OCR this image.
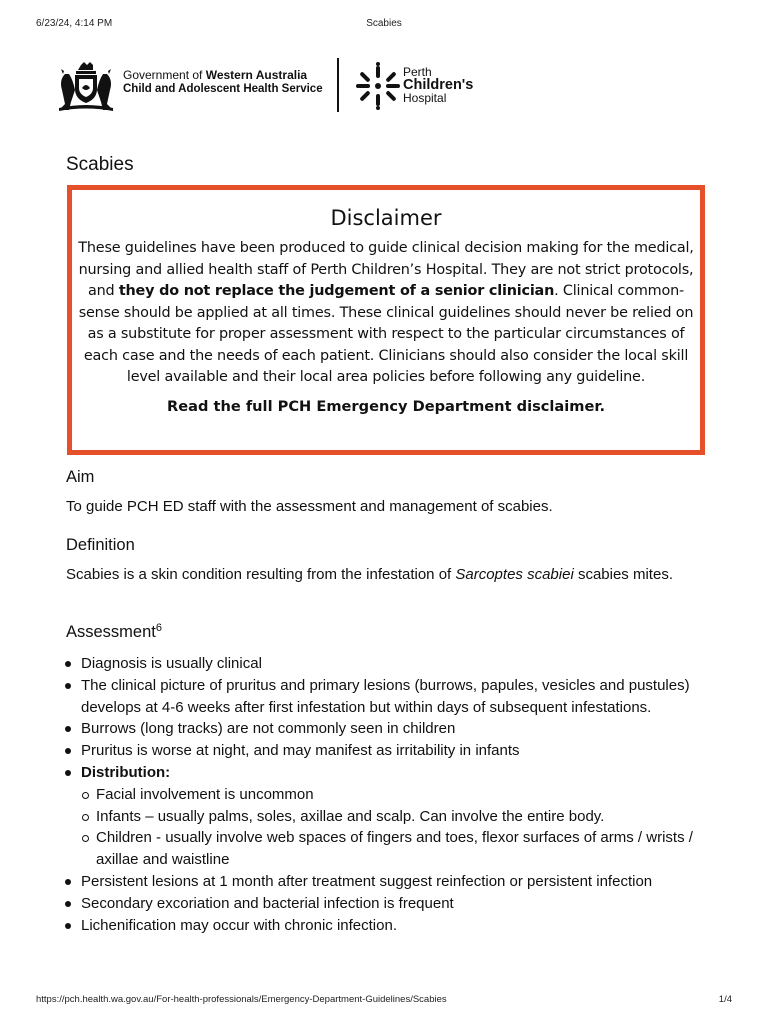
6/23/24, 4:14 PM	Scabies
Government of Western Australia
Child and Adolescent Health Service
Perth
Children's
Hospital
Scabies
Disclaimer
These guidelines have been produced to guide clinical decision making for the medical, nursing and allied health staff of Perth Children’s Hospital. They are not strict protocols, and they do not replace the judgement of a senior clinician. Clinical common-sense should be applied at all times. These clinical guidelines should never be relied on as a substitute for proper assessment with respect to the particular circumstances of each case and the needs of each patient. Clinicians should also consider the local skill level available and their local area policies before following any guideline.
Read the full PCH Emergency Department disclaimer.
Aim

To guide PCH ED staff with the assessment and management of scabies.

Definition

Scabies is a skin condition resulting from the infestation of Sarcoptes scabiei scabies mites.

Assessment$^6$
Diagnosis is usually clinical
The clinical picture of pruritus and primary lesions (burrows, papules, vesicles and pustules) develops at 4-6 weeks after first infestation but within days of subsequent infestations.
Burrows (long tracks) are not commonly seen in children
Pruritus is worse at night, and may manifest as irritability in infants
Distribution:
Facial involvement is uncommon
Infants – usually palms, soles, axillae and scalp. Can involve the entire body.
Children - usually involve web spaces of fingers and toes, flexor surfaces of arms / wrists / axillae and waistline
Persistent lesions at 1 month after treatment suggest reinfection or persistent infection
Secondary excoriation and bacterial infection is frequent
Lichenification may occur with chronic infection.
https://pch.health.wa.gov.au/For-health-professionals/Emergency-Department-Guidelines/Scabies	1/4
